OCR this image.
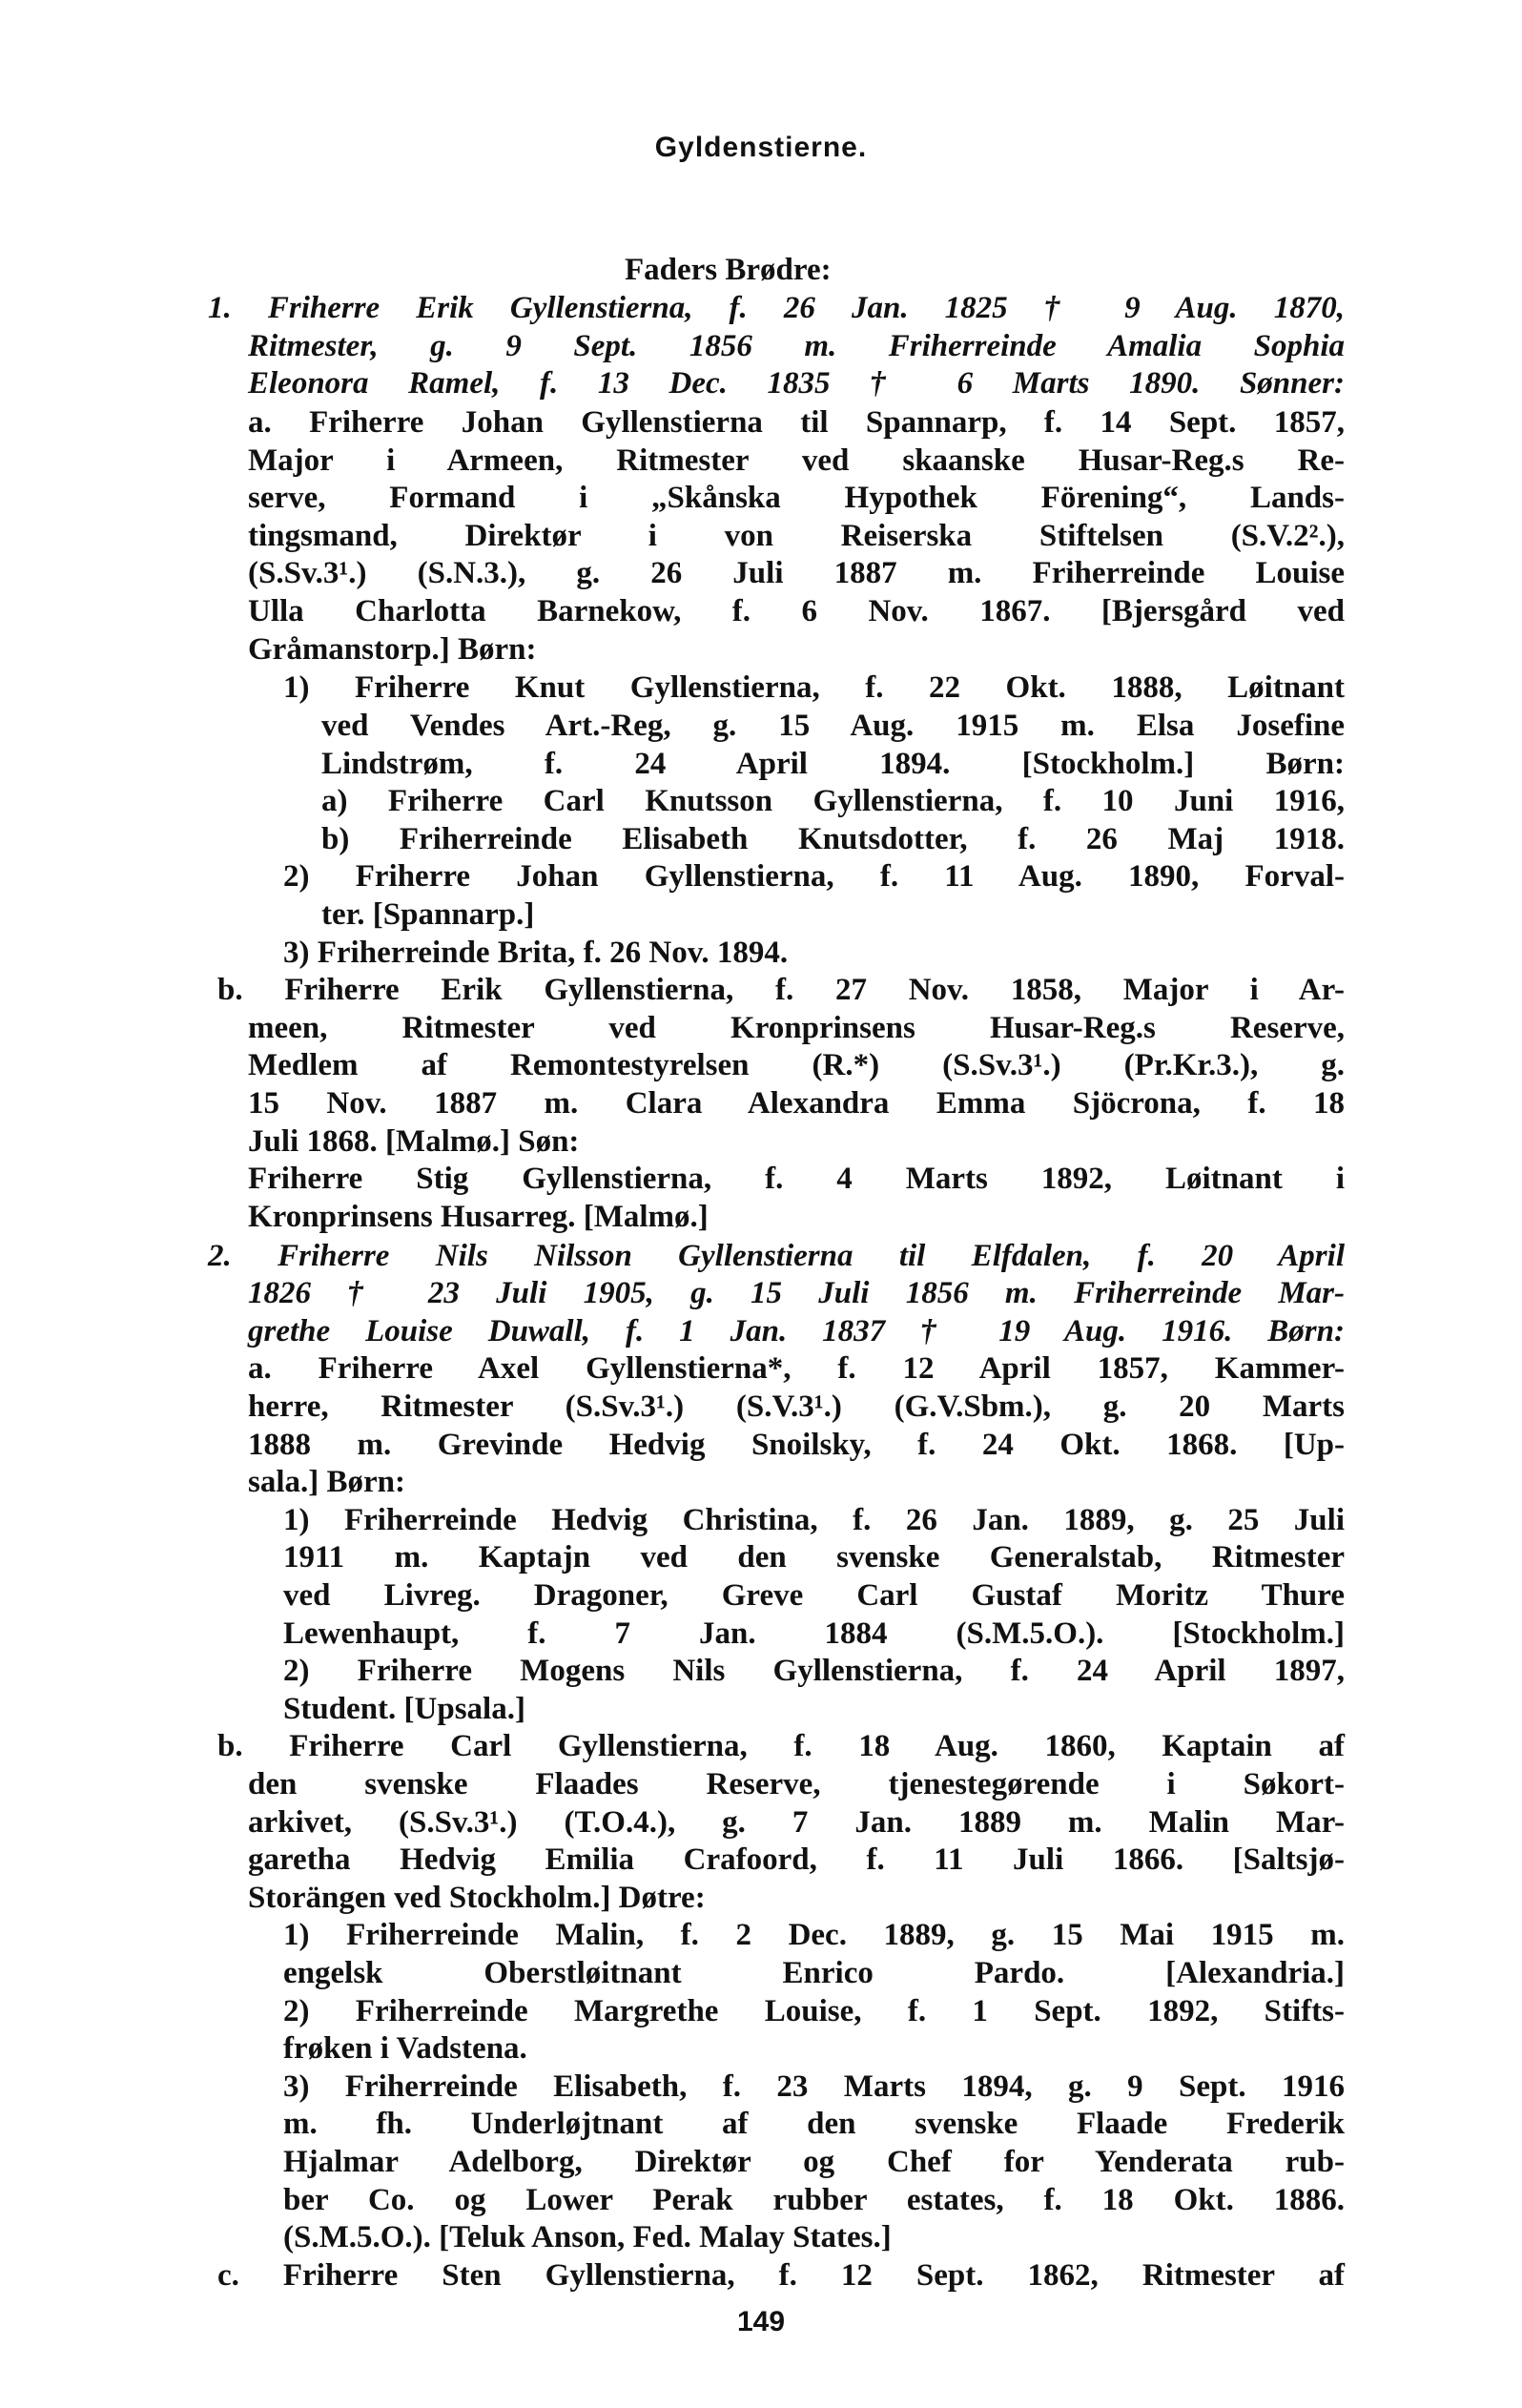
Gyldenstierne.
Faders Brødre:
1. Friherre Erik Gyllenstierna, f. 26 Jan. 1825 † 9 Aug. 1870,
Ritmester, g. 9 Sept. 1856 m. Friherreinde Amalia Sophia
Eleonora Ramel, f. 13 Dec. 1835 † 6 Marts 1890. Sønner:
a. Friherre Johan Gyllenstierna til Spannarp, f. 14 Sept. 1857,
Major i Armeen, Ritmester ved skaanske Husar-Reg.s Re-
serve, Formand i „Skånska Hypothek Förening“, Lands-
tingsmand, Direktør i von Reiserska Stiftelsen (S.V.2².),
(S.Sv.3¹.) (S.N.3.), g. 26 Juli 1887 m. Friherreinde Louise
Ulla Charlotta Barnekow, f. 6 Nov. 1867. [Bjersgård ved
Gråmanstorp.] Børn:
1) Friherre Knut Gyllenstierna, f. 22 Okt. 1888, Løitnant
ved Vendes Art.-Reg, g. 15 Aug. 1915 m. Elsa Josefine
Lindstrøm, f. 24 April 1894. [Stockholm.] Børn:
a) Friherre Carl Knutsson Gyllenstierna, f. 10 Juni 1916,
b) Friherreinde Elisabeth Knutsdotter, f. 26 Maj 1918.
2) Friherre Johan Gyllenstierna, f. 11 Aug. 1890, Forval-
ter. [Spannarp.]
3) Friherreinde Brita, f. 26 Nov. 1894.
b. Friherre Erik Gyllenstierna, f. 27 Nov. 1858, Major i Ar-
meen, Ritmester ved Kronprinsens Husar-Reg.s Reserve,
Medlem af Remontestyrelsen (R.*) (S.Sv.3¹.) (Pr.Kr.3.), g.
15 Nov. 1887 m. Clara Alexandra Emma Sjöcrona, f. 18
Juli 1868. [Malmø.] Søn:
Friherre Stig Gyllenstierna, f. 4 Marts 1892, Løitnant i
Kronprinsens Husarreg. [Malmø.]
2. Friherre Nils Nilsson Gyllenstierna til Elfdalen, f. 20 April
1826 † 23 Juli 1905, g. 15 Juli 1856 m. Friherreinde Mar-
grethe Louise Duwall, f. 1 Jan. 1837 † 19 Aug. 1916. Børn:
a. Friherre Axel Gyllenstierna*, f. 12 April 1857, Kammer-
herre, Ritmester (S.Sv.3¹.) (S.V.3¹.) (G.V.Sbm.), g. 20 Marts
1888 m. Grevinde Hedvig Snoilsky, f. 24 Okt. 1868. [Up-
sala.] Børn:
1) Friherreinde Hedvig Christina, f. 26 Jan. 1889, g. 25 Juli
1911 m. Kaptajn ved den svenske Generalstab, Ritmester
ved Livreg. Dragoner, Greve Carl Gustaf Moritz Thure
Lewenhaupt, f. 7 Jan. 1884 (S.M.5.O.). [Stockholm.]
2) Friherre Mogens Nils Gyllenstierna, f. 24 April 1897,
Student. [Upsala.]
b. Friherre Carl Gyllenstierna, f. 18 Aug. 1860, Kaptain af
den svenske Flaades Reserve, tjenestegørende i Søkort-
arkivet, (S.Sv.3¹.) (T.O.4.), g. 7 Jan. 1889 m. Malin Mar-
garetha Hedvig Emilia Crafoord, f. 11 Juli 1866. [Saltsjø-
Storängen ved Stockholm.] Døtre:
1) Friherreinde Malin, f. 2 Dec. 1889, g. 15 Mai 1915 m.
engelsk Oberstløitnant Enrico Pardo. [Alexandria.]
2) Friherreinde Margrethe Louise, f. 1 Sept. 1892, Stifts-
frøken i Vadstena.
3) Friherreinde Elisabeth, f. 23 Marts 1894, g. 9 Sept. 1916
m. fh. Underløjtnant af den svenske Flaade Frederik
Hjalmar Adelborg, Direktør og Chef for Yenderata rub-
ber Co. og Lower Perak rubber estates, f. 18 Okt. 1886.
(S.M.5.O.). [Teluk Anson, Fed. Malay States.]
c. Friherre Sten Gyllenstierna, f. 12 Sept. 1862, Ritmester af
149
